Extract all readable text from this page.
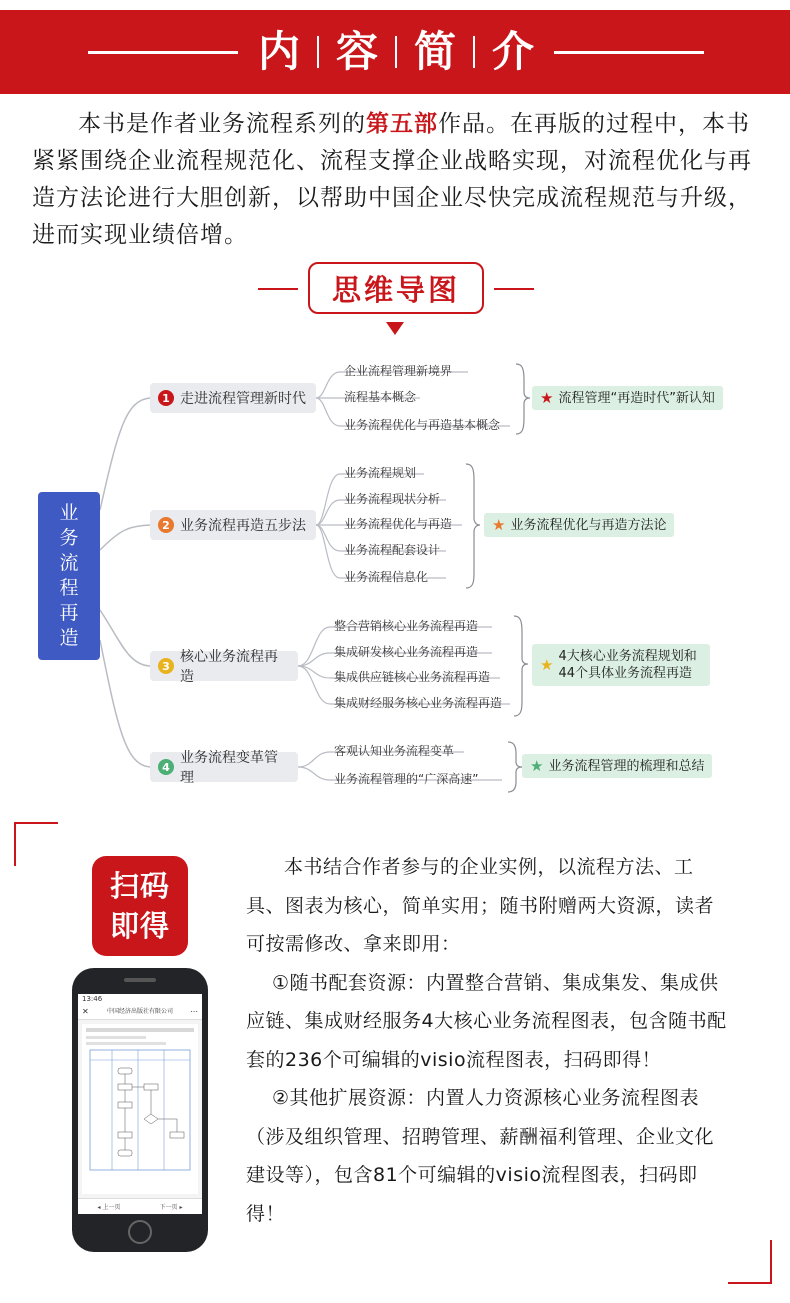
内 容 简 介
本书是作者业务流程系列的第五部作品。在再版的过程中，本书紧紧围绕企业流程规范化、流程支撑企业战略实现，对流程优化与再造方法论进行大胆创新，以帮助中国企业尽快完成流程规范与升级，进而实现业绩倍增。
思维导图
业
务
流
程
再
造
1 走进流程管理新时代
企业流程管理新境界
流程基本概念
业务流程优化与再造基本概念
★ 流程管理“再造时代”新认知
2 业务流程再造五步法
业务流程规划
业务流程现状分析
业务流程优化与再造
业务流程配套设计
业务流程信息化
★ 业务流程优化与再造方法论
3
核心业务流程再造
整合营销核心业务流程再造
集成研发核心业务流程再造
集成供应链核心业务流程再造
集成财经服务核心业务流程再造
★ 4大核心业务流程规划和
44个具体业务流程再造
4
业务流程变革管理
客观认知业务流程变革
业务流程管理的“广深高速”
★ 业务流程管理的梳理和总结
扫码
即得
13:46
✕	中国经济出版社有限公司 ⋯
◂ 上一页	下一页 ▸

本书结合作者参与的企业实例，以流程方法、工具、图表为核心，简单实用；随书附赠两大资源，读者可按需修改、拿来即用：

①随书配套资源：内置整合营销、集成集发、集成供应链、集成财经服务4大核心业务流程图表，包含随书配套的236个可编辑的visio流程图表，扫码即得！

②其他扩展资源：内置人力资源核心业务流程图表（涉及组织管理、招聘管理、薪酬福利管理、企业文化建设等），包含81个可编辑的visio流程图表，扫码即得！
